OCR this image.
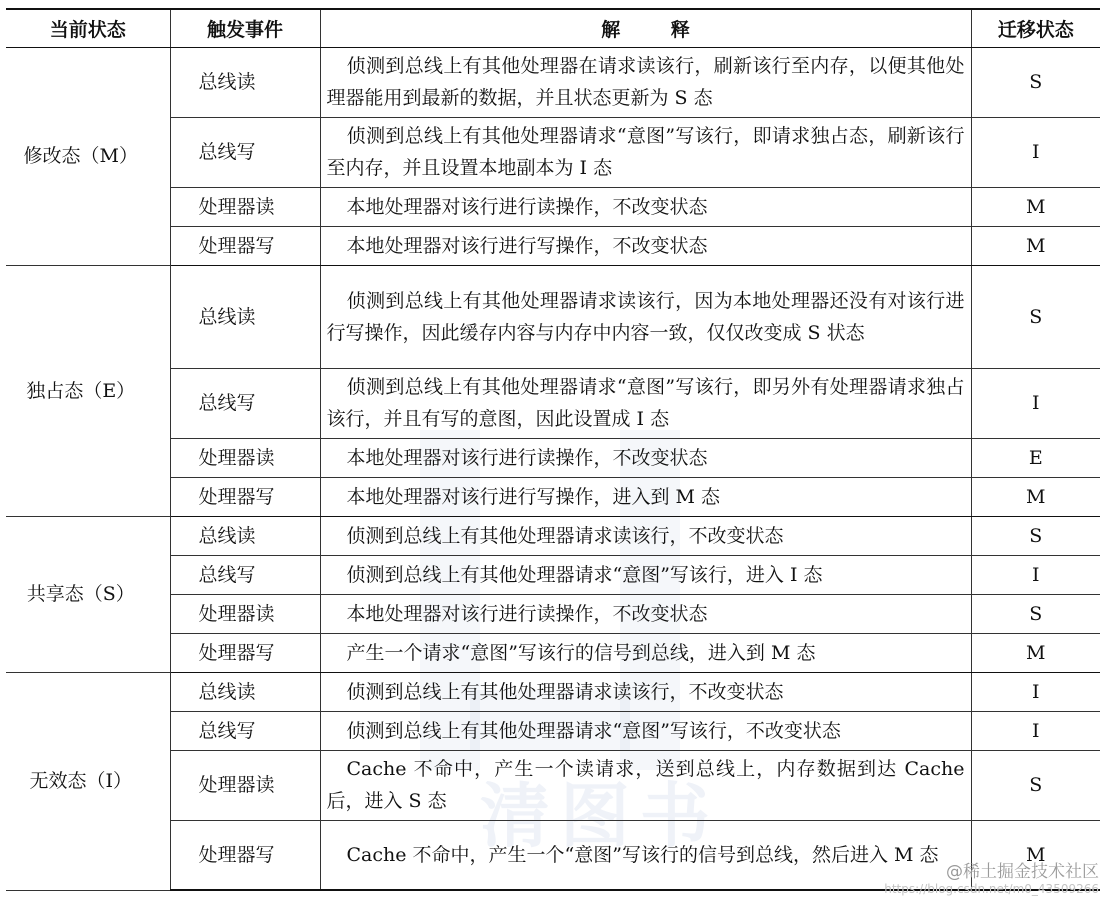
清图书
当前状态	触发事件	解 释	迁移状态
修改态（M）	总线读	侦测到总线上有其他处理器在请求读该行，刷新该行至内存，以便其他处理器能用到最新的数据，并且状态更新为 S 态	S
	总线写	侦测到总线上有其他处理器请求“意图”写该行，即请求独占态，刷新该行至内存，并且设置本地副本为 I 态	I
	处理器读	本地处理器对该行进行读操作，不改变状态	M
	处理器写	本地处理器对该行进行写操作，不改变状态	M
独占态（E）	总线读	侦测到总线上有其他处理器请求读该行，因为本地处理器还没有对该行进行写操作，因此缓存内容与内存中内容一致，仅仅改变成 S 状态	S
	总线写	侦测到总线上有其他处理器请求“意图”写该行，即另外有处理器请求独占该行，并且有写的意图，因此设置成 I 态	I
	处理器读	本地处理器对该行进行读操作，不改变状态	E
	处理器写	本地处理器对该行进行写操作，进入到 M 态	M
共享态（S）	总线读	侦测到总线上有其他处理器请求读该行，不改变状态	S
	总线写	侦测到总线上有其他处理器请求“意图”写该行，进入 I 态	I
	处理器读	本地处理器对该行进行读操作，不改变状态	S
	处理器写	产生一个请求“意图”写该行的信号到总线，进入到 M 态	M
无效态（I）	总线读	侦测到总线上有其他处理器请求读该行，不改变状态	I
	总线写	侦测到总线上有其他处理器请求“意图”写该行，不改变状态	I
	处理器读	Cache 不命中，产生一个读请求，送到总线上，内存数据到达 Cache 后，进入 S 态	S
	处理器写	Cache 不命中，产生一个“意图”写该行的信号到总线，然后进入 M 态	M
@稀土掘金技术社区
https://blog.csdn.net/m0_43509266
